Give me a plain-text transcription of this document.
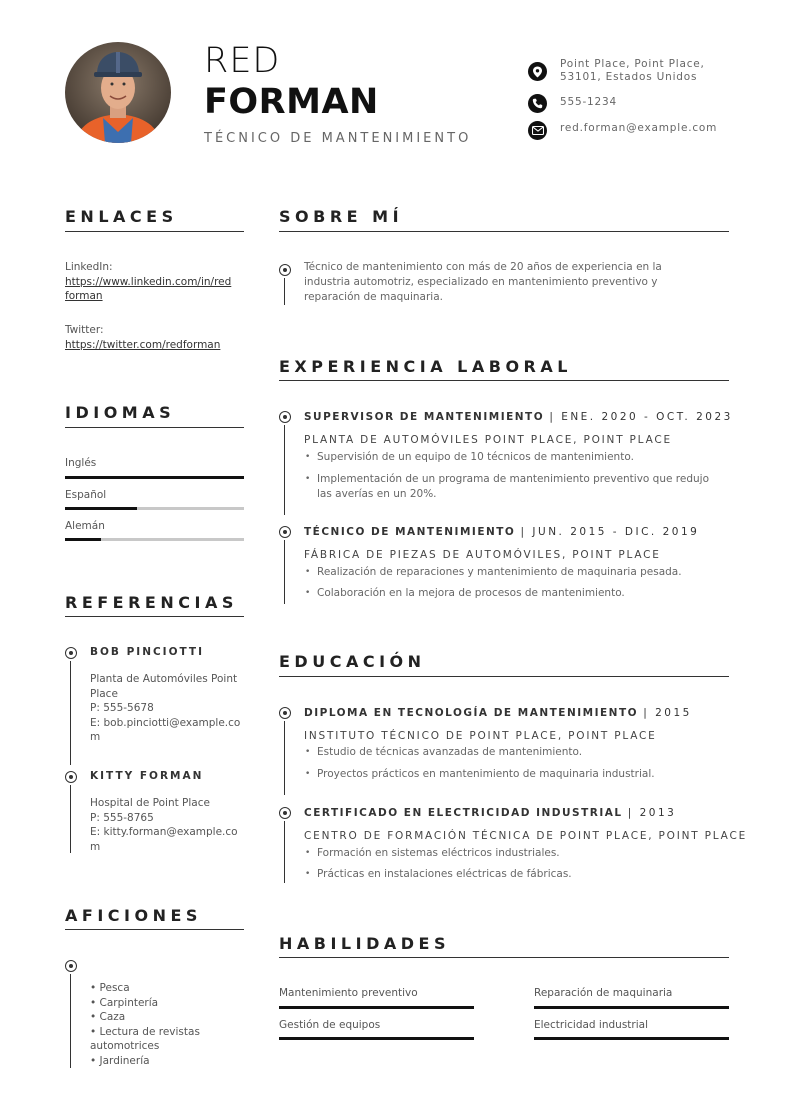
RED
FORMAN
TÉCNICO DE MANTENIMIENTO
Point Place, Point Place,
53101, Estados Unidos
555-1234
red.forman@example.com
ENLACES
LinkedIn:
https://www.linkedin.com/in/red
forman
Twitter:
https://twitter.com/redforman
IDIOMAS
Inglés
Español
Alemán
REFERENCIAS
BOB PINCIOTTI
Planta de Automóviles Point
Place
P: 555-5678
E: bob.pinciotti@example.co
m
KITTY FORMAN
Hospital de Point Place
P: 555-8765
E: kitty.forman@example.co
m
AFICIONES
• Pesca
• Carpintería
• Caza
• Lectura de revistas
automotrices
• Jardinería
SOBRE MÍ
Técnico de mantenimiento con más de 20 años de experiencia en la
industria automotriz, especializado en mantenimiento preventivo y
reparación de maquinaria.
EXPERIENCIA LABORAL
SUPERVISOR DE MANTENIMIENTO | ENE. 2020 - OCT. 2023
PLANTA DE AUTOMÓVILES POINT PLACE, POINT PLACE
• Supervisión de un equipo de 10 técnicos de mantenimiento.
• Implementación de un programa de mantenimiento preventivo que redujo
las averías en un 20%.
TÉCNICO DE MANTENIMIENTO | JUN. 2015 - DIC. 2019
FÁBRICA DE PIEZAS DE AUTOMÓVILES, POINT PLACE
• Realización de reparaciones y mantenimiento de maquinaria pesada.
• Colaboración en la mejora de procesos de mantenimiento.
EDUCACIÓN
DIPLOMA EN TECNOLOGÍA DE MANTENIMIENTO | 2015
INSTITUTO TÉCNICO DE POINT PLACE, POINT PLACE
• Estudio de técnicas avanzadas de mantenimiento.
• Proyectos prácticos en mantenimiento de maquinaria industrial.
CERTIFICADO EN ELECTRICIDAD INDUSTRIAL | 2013
CENTRO DE FORMACIÓN TÉCNICA DE POINT PLACE, POINT PLACE
• Formación en sistemas eléctricos industriales.
• Prácticas en instalaciones eléctricas de fábricas.
HABILIDADES
Mantenimiento preventivo	Reparación de maquinaria
Gestión de equipos	Electricidad industrial
